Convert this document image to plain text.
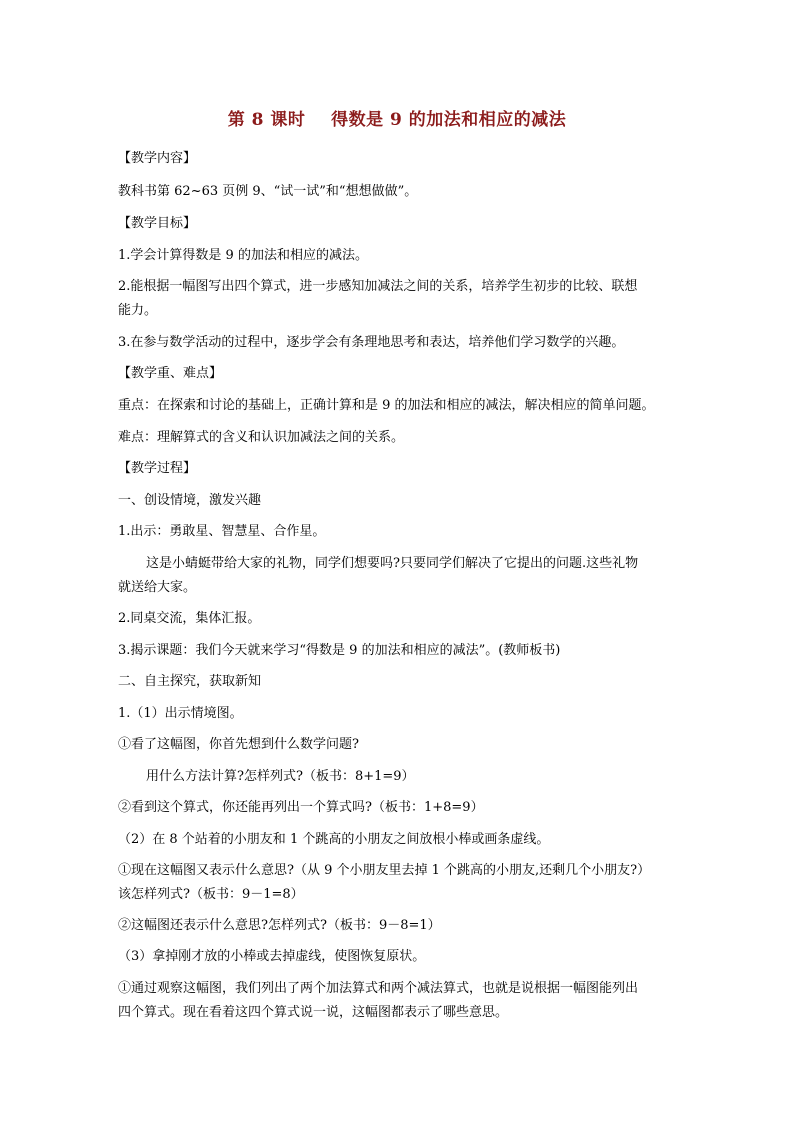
第 8 课时    得数是 9 的加法和相应的减法
【教学内容】
教科书第 62~63 页例 9、“试一试”和“想想做做”。
【教学目标】
1.学会计算得数是 9 的加法和相应的减法。
2.能根据一幅图写出四个算式，进一步感知加减法之间的关系，培养学生初步的比较、联想
能力。
3.在参与数学活动的过程中，逐步学会有条理地思考和表达，培养他们学习数学的兴趣。
【教学重、难点】
重点：在探索和讨论的基础上，正确计算和是 9 的加法和相应的减法，解决相应的简单问题。
难点：理解算式的含义和认识加减法之间的关系。
【教学过程】
一、创设情境，激发兴趣
1.出示：勇敢星、智慧星、合作星。
这是小蜻蜓带给大家的礼物，同学们想要吗?只要同学们解决了它提出的问题.这些礼物
就送给大家。
2.同桌交流，集体汇报。
3.揭示课题：我们今天就来学习“得数是 9 的加法和相应的减法”。(教师板书)
二、自主探究，获取新知
1.（1）出示情境图。
①看了这幅图，你首先想到什么数学问题?
用什么方法计算?怎样列式?（板书：8+1=9）
②看到这个算式，你还能再列出一个算式吗?（板书：1+8=9）
（2）在 8 个站着的小朋友和 1 个跳高的小朋友之间放根小棒或画条虚线。
①现在这幅图又表示什么意思?（从 9 个小朋友里去掉 1 个跳高的小朋友,还剩几个小朋友?）
该怎样列式?（板书：9－1=8）
②这幅图还表示什么意思?怎样列式?（板书：9－8=1）
（3）拿掉刚才放的小棒或去掉虚线，使图恢复原状。
①通过观察这幅图，我们列出了两个加法算式和两个减法算式，也就是说根据一幅图能列出
四个算式。现在看着这四个算式说一说，这幅图都表示了哪些意思。
